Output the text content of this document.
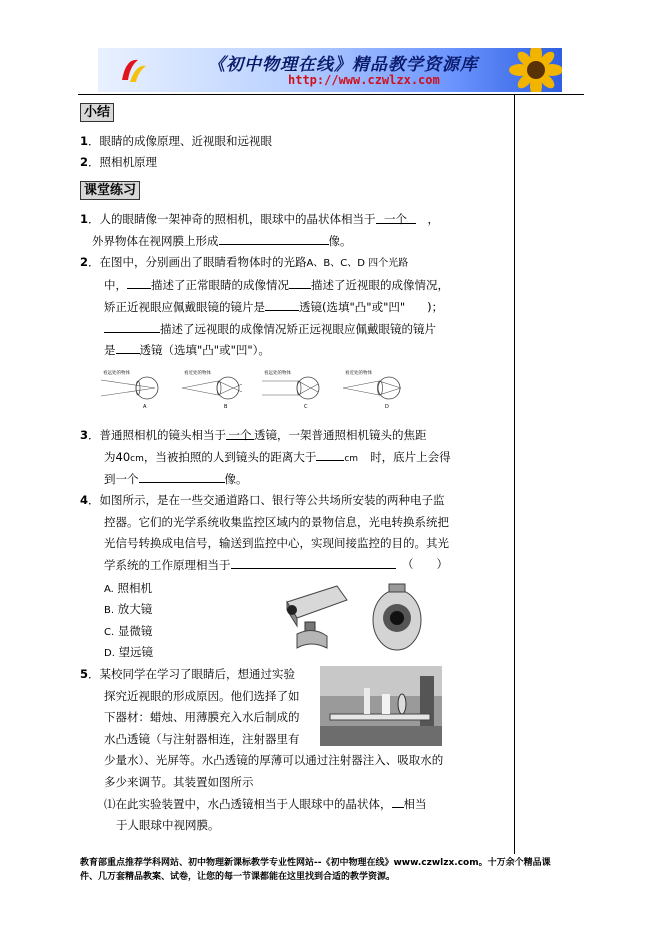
《初中物理在线》精品教学资源库
http://www.czwlzx.com
小结
1．眼睛的成像原理、近视眼和远视眼
2．照相机原理
课堂练习
1．人的眼睛像一架神奇的照相机，眼球中的晶状体相当于 一个 ，
外界物体在视网膜上形成	像。
2．在图中，分别画出了眼睛看物体时的光路A、B、C、D 四个光路
中， 描述了正常眼睛的成像情况 描述了近视眼的成像情况，
矫正近视眼应佩戴眼镜的镜片是	透镜(选填"凸"或"凹" )；
描述了远视眼的成像情况矫正远视眼应佩戴眼镜的镜片
是 透镜（选填"凸"或"凹"）。
看远处的物体
A
看近处的物体
B
看远处的物体
C
看近处的物体
D
3．普通照相机的镜头相当于 一个 透镜，一架普通照相机镜头的焦距
为40cm，当被拍照的人到镜头的距离大于	cm 时，底片上会得
到一个	像。
4．如图所示，是在一些交通道路口、银行等公共场所安装的两种电子监
控器。它们的光学系统收集监控区域内的景物信息，光电转换系统把
光信号转换成电信号，输送到监控中心，实现间接监控的目的。其光
学系统的工作原理相当于	（　　）
A. 照相机
B. 放大镜
C. 显微镜
D. 望远镜
5．某校同学在学习了眼睛后，想通过实验
探究近视眼的形成原因。他们选择了如
下器材：蜡烛、用薄膜充入水后制成的
水凸透镜（与注射器相连，注射器里有
少量水）、光屏等。水凸透镜的厚薄可以通过注射器注入、吸取水的
多少来调节。其装置如图所示
⑴在此实验装置中，水凸透镜相当于人眼球中的晶状体， 相当
于人眼球中视网膜。
教育部重点推荐学科网站、初中物理新课标教学专业性网站--《初中物理在线》www.czwlzx.com。十万余个精品课
件、几万套精品教案、试卷，让您的每一节课都能在这里找到合适的教学资源。
